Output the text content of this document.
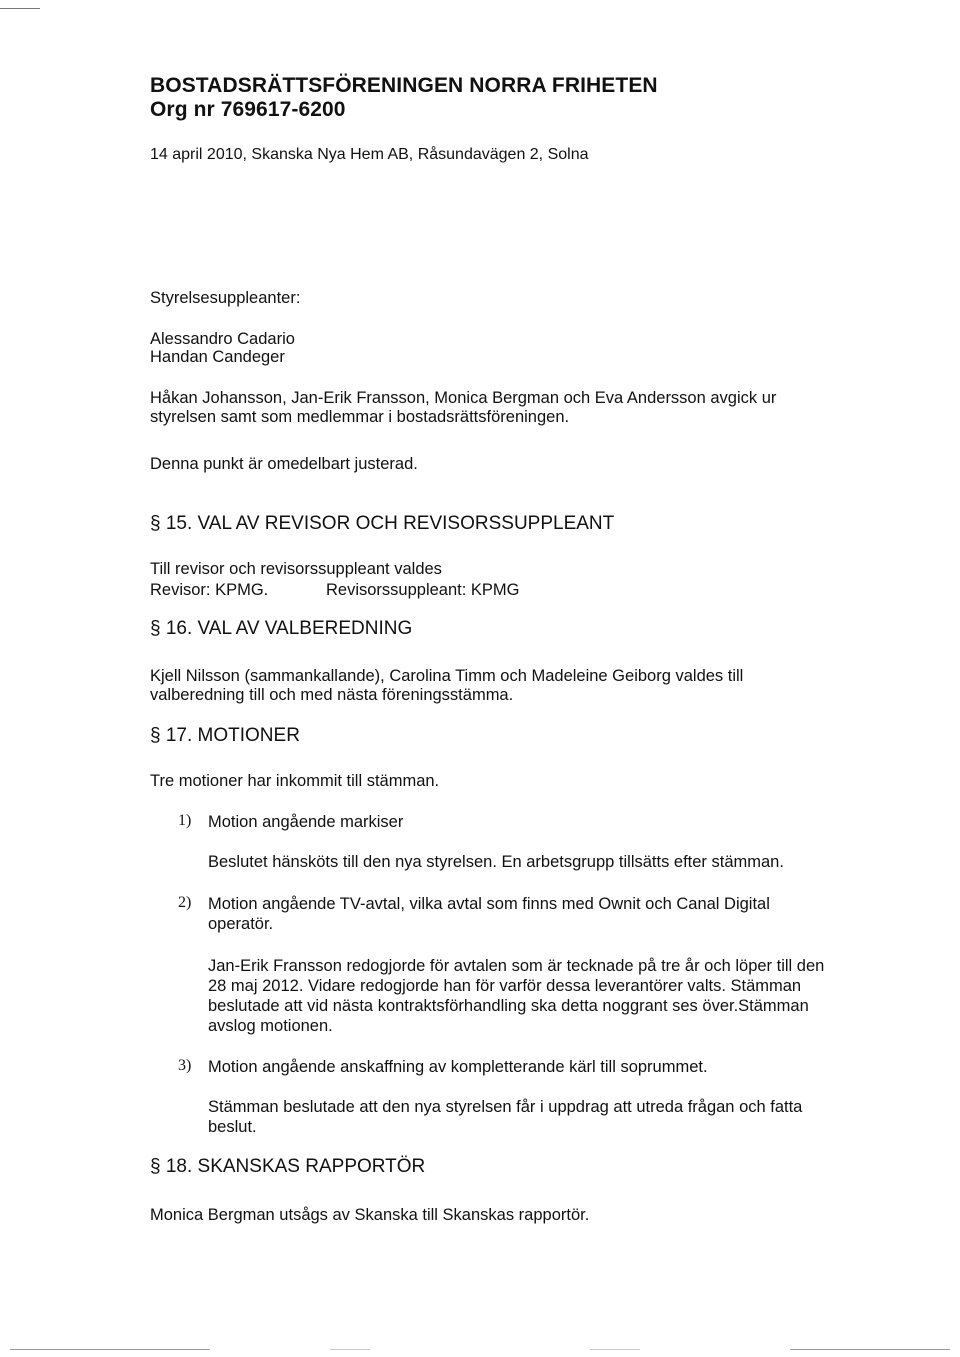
BOSTADSRÄTTSFÖRENINGEN NORRA FRIHETEN
Org nr 769617-6200
14 april 2010, Skanska Nya Hem AB, Råsundavägen 2, Solna
Styrelsesuppleanter:
Alessandro Cadario
Handan Candeger
Håkan Johansson, Jan-Erik Fransson, Monica Bergman och Eva Andersson avgick ur
styrelsen samt som medlemmar i bostadsrättsföreningen.
Denna punkt är omedelbart justerad.
§ 15. VAL AV REVISOR OCH REVISORSSUPPLEANT
Till revisor och revisorssuppleant valdes
Revisor: KPMG.	Revisorssuppleant: KPMG
§ 16. VAL AV VALBEREDNING
Kjell Nilsson (sammankallande), Carolina Timm och Madeleine Geiborg valdes till
valberedning till och med nästa föreningsstämma.
§ 17. MOTIONER
Tre motioner har inkommit till stämman.
1) Motion angående markiser
Beslutet hänsköts till den nya styrelsen. En arbetsgrupp tillsätts efter stämman.
2) Motion angående TV-avtal, vilka avtal som finns med Ownit och Canal Digital
operatör.
Jan-Erik Fransson redogjorde för avtalen som är tecknade på tre år och löper till den
28 maj 2012. Vidare redogjorde han för varför dessa leverantörer valts. Stämman
beslutade att vid nästa kontraktsförhandling ska detta noggrant ses över.Stämman
avslog motionen.
3) Motion angående anskaffning av kompletterande kärl till soprummet.
Stämman beslutade att den nya styrelsen får i uppdrag att utreda frågan och fatta
beslut.
§ 18. SKANSKAS RAPPORTÖR
Monica Bergman utsågs av Skanska till Skanskas rapportör.
